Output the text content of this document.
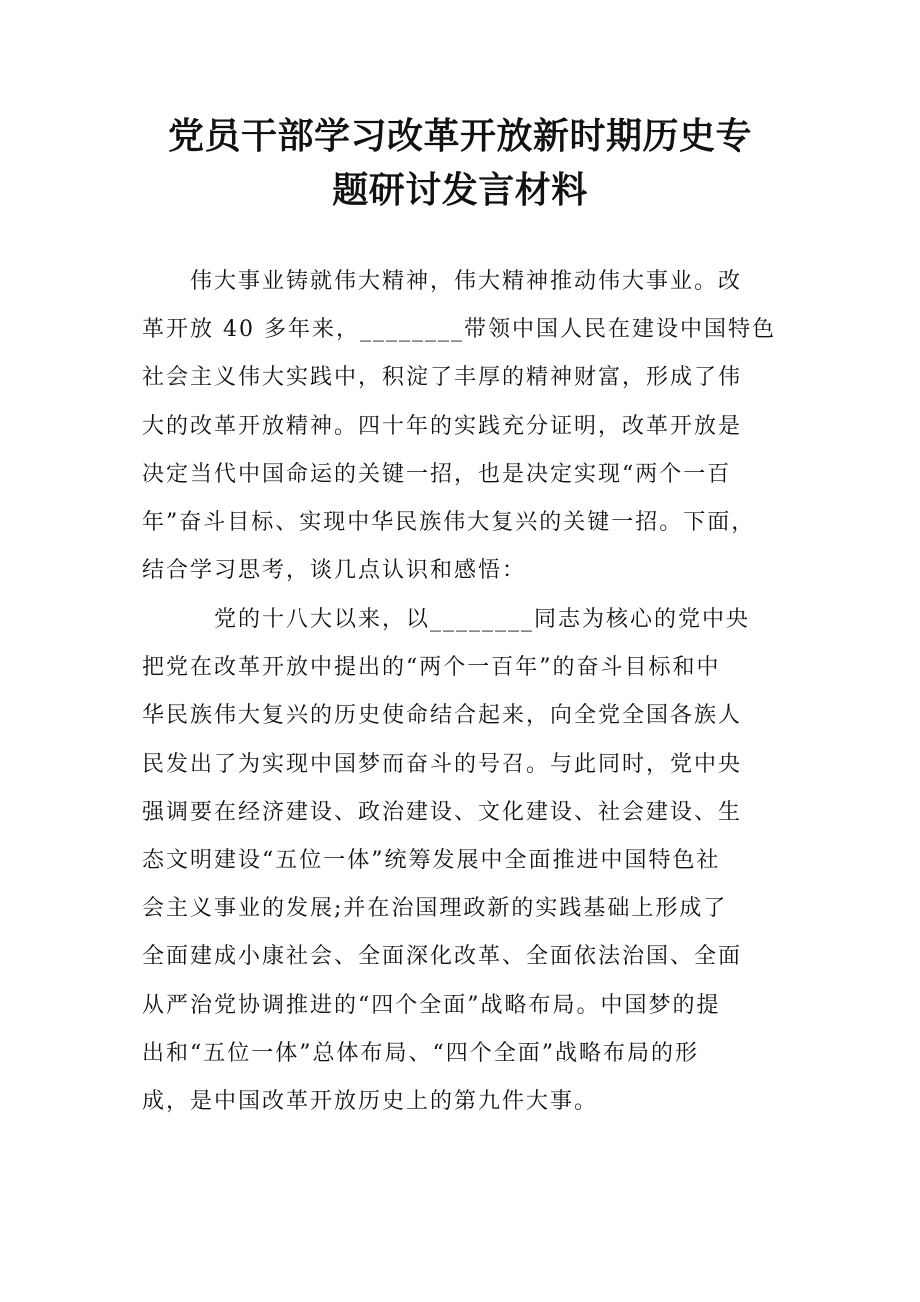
党员干部学习改革开放新时期历史专
题研讨发言材料

　　伟大事业铸就伟大精神，伟大精神推动伟大事业。改
革开放 40 多年来，________带领中国人民在建设中国特色
社会主义伟大实践中，积淀了丰厚的精神财富，形成了伟
大的改革开放精神。四十年的实践充分证明，改革开放是
决定当代中国命运的关键一招，也是决定实现“两个一百
年”奋斗目标、实现中华民族伟大复兴的关键一招。下面，
结合学习思考，谈几点认识和感悟：

　　　党的十八大以来，以________同志为核心的党中央
把党在改革开放中提出的“两个一百年”的奋斗目标和中
华民族伟大复兴的历史使命结合起来，向全党全国各族人
民发出了为实现中国梦而奋斗的号召。与此同时，党中央
强调要在经济建设、政治建设、文化建设、社会建设、生
态文明建设“五位一体”统筹发展中全面推进中国特色社
会主义事业的发展;并在治国理政新的实践基础上形成了
全面建成小康社会、全面深化改革、全面依法治国、全面
从严治党协调推进的“四个全面”战略布局。中国梦的提
出和“五位一体”总体布局、“四个全面”战略布局的形
成，是中国改革开放历史上的第九件大事。
